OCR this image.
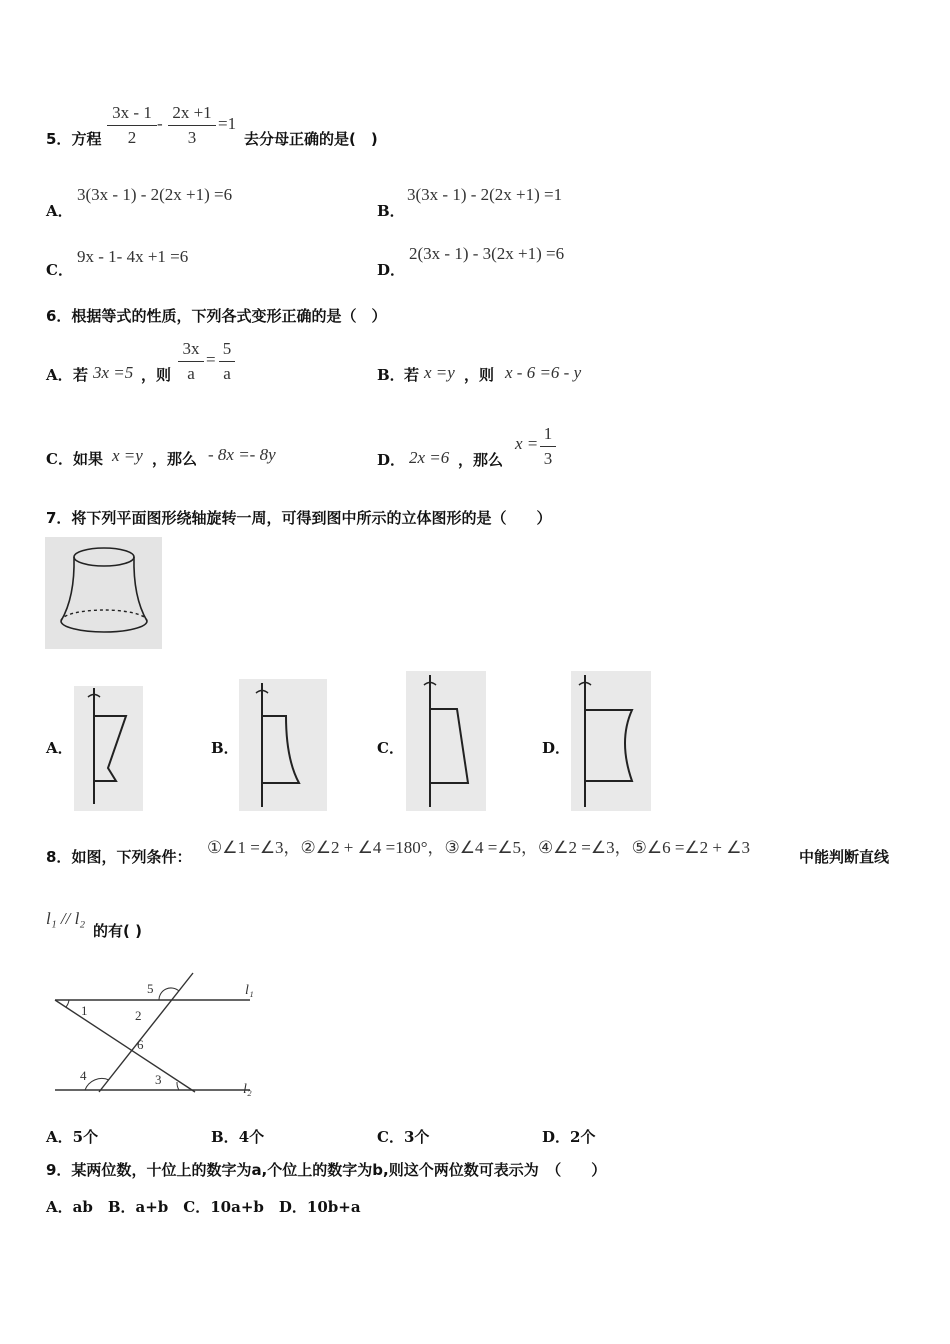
5．方程
3x - 1
2
-
2x +1
3
=1
去分母正确的是(　)
A．
3(3x - 1) - 2(2x +1) =6
B．
3(3x - 1) - 2(2x +1) =1
C．
9x - 1- 4x +1 =6
D．
2(3x - 1) - 3(2x +1) =6
6．根据等式的性质，下列各式变形正确的是（　）
A． 若 3x =5 ，则
3x
a
=
5
a	B． 若 x =y ，则 x - 6 =6 - y
C． 如果 x =y ，那么 - 8x =- 8y	D． 2x =6 ，那么
x =
1
3
7．将下列平面图形绕轴旋转一周，可得到图中所示的立体图形的是（　　）
A．	B．	C．	D．
8．如图，下列条件： ①∠1 =∠3，②∠2 + ∠4 =180°，③∠4 =∠5，④∠2 =∠3，⑤∠6 =∠2 + ∠3	中能判断直线
l₁ // l₂
的有( )
l₁
l₂
1	2
3
4
5
6
A．5个	B．4个	C．3个	D．2个
9．某两位数，十位上的数字为a,个位上的数字为b,则这个两位数可表示为　（　　）
A．ab　B．a+b　C．10a+b　D．10b+a
